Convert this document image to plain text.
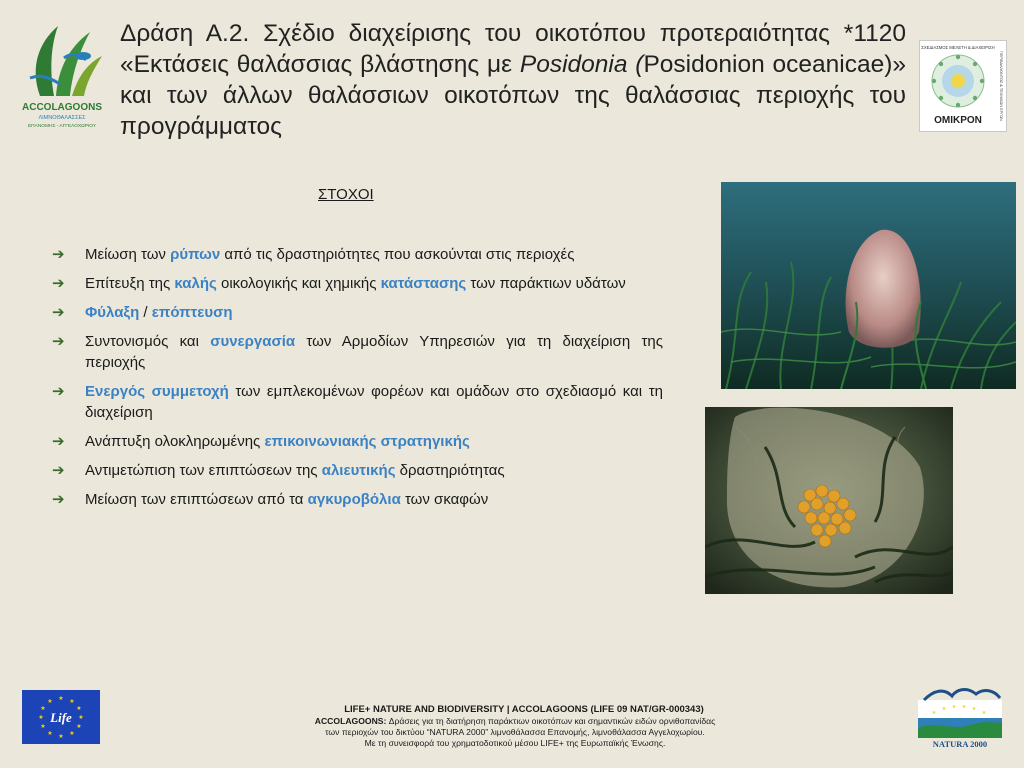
ACCOLAGOONS
ΛΙΜΝΟΘΑΛΑΣΣΕΣ
ΕΠΑΝΟΜΗΣ - ΑΓΓΕΛΟΧΩΡΙΟΥ
Δράση Α.2. Σχέδιο διαχείρισης του οικοτόπου προτεραιότητας *1120 «Εκτάσεις θαλάσσιας βλάστησης με Posidonia (Posidonion oceanicae)» και των άλλων θαλάσσιων οικοτόπων της θαλάσσιας περιοχής του προγράμματος
ΣΧΕΔΙΑΣΜΟΣ ΜΕΛΕΤΗ & ΔΙΑΧΕΙΡΙΣΗ
ΟΜΙΚΡΟΝ	ΠΕΡΙΒΑΛΛΟΝΤΟΣ & ΤΕΧΝΙΚΩΝ ΕΡΓΩΝ
ΣΤΟΧΟΙ
➔ Μείωση των ρύπων από τις δραστηριότητες που ασκούνται στις περιοχές
➔ Επίτευξη της καλής οικολογικής και χημικής κατάστασης των παράκτιων υδάτων
➔ Φύλαξη / επόπτευση
➔ Συντονισμός και συνεργασία των Αρμοδίων Υπηρεσιών για τη διαχείριση της περιοχής
➔ Ενεργός συμμετοχή των εμπλεκομένων φορέων και ομάδων στο σχεδιασμό και τη διαχείριση
➔ Ανάπτυξη ολοκληρωμένης επικοινωνιακής στρατηγικής
➔ Αντιμετώπιση των επιπτώσεων της αλιευτικής δραστηριότητας
➔ Μείωση των επιπτώσεων από τα αγκυροβόλια των σκαφών
★ ★
★
★
★
★
★
★
★
★
★
★
Life
LIFE+ NATURE AND BIODIVERSITY | ACCOLAGOONS (LIFE 09 NAT/GR-000343)
ACCOLAGOONS: Δράσεις για τη διατήρηση παράκτιων οικοτόπων και σημαντικών ειδών ορνιθοπανίδας
των περιοχών του δικτύου “NATURA 2000” λιμνοθάλασσα Επανομής, λιμνοθάλασσα Αγγελοχωρίου.
Με τη συνεισφορά του χρηματοδοτικού μέσου LIFE+ της Ευρωπαϊκής Ένωσης.
★
★ ★ ★ ★
★
NATURA 2000
